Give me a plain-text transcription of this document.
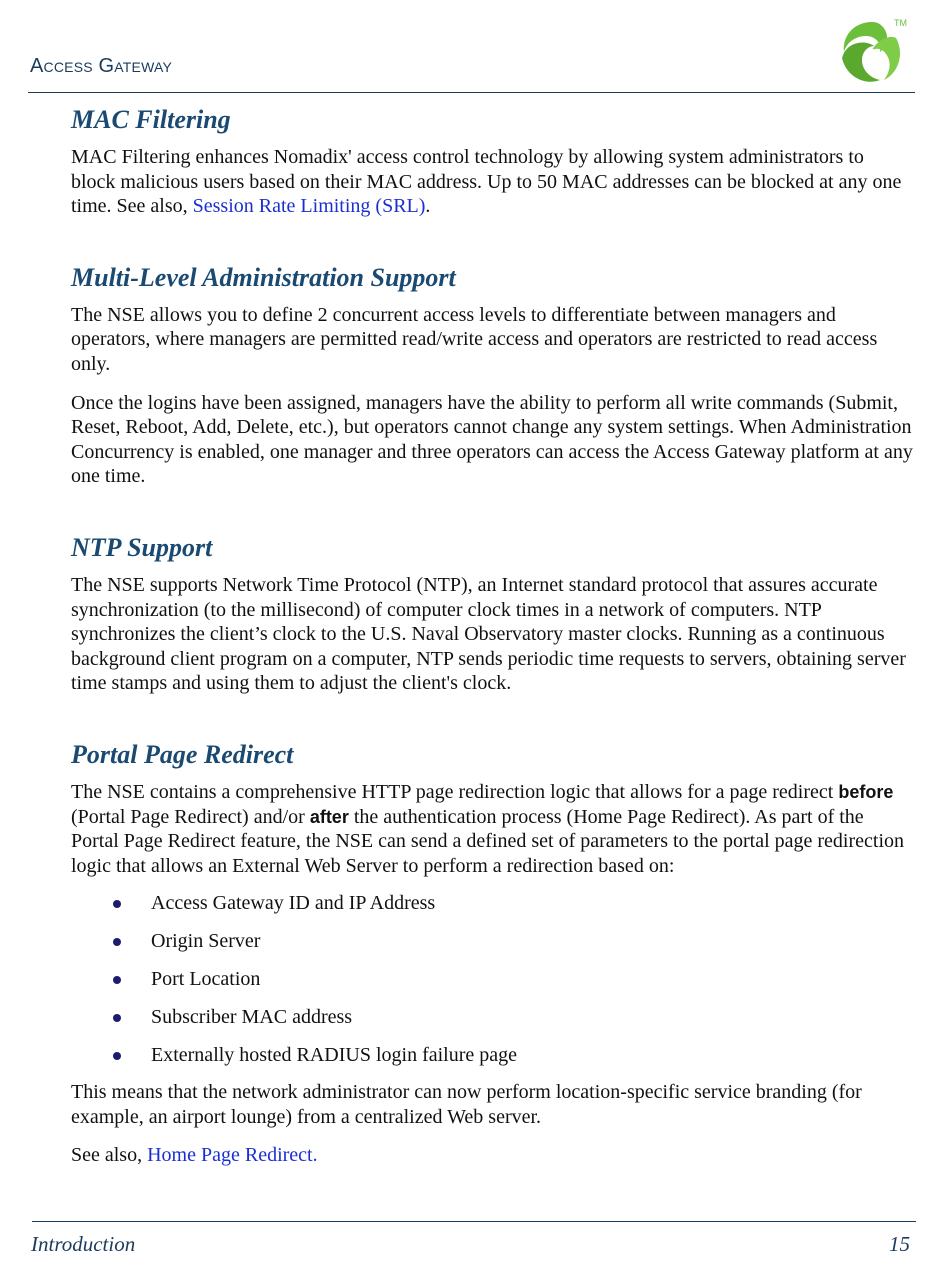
Access Gateway
TM
MAC Filtering

MAC Filtering enhances Nomadix' access control technology by allowing system administrators to block malicious users based on their MAC address. Up to 50 MAC addresses can be blocked at any one time. See also, Session Rate Limiting (SRL).

Multi-Level Administration Support

The NSE allows you to define 2 concurrent access levels to differentiate between managers and operators, where managers are permitted read/write access and operators are restricted to read access only.

Once the logins have been assigned, managers have the ability to perform all write commands (Submit, Reset, Reboot, Add, Delete, etc.), but operators cannot change any system settings. When Administration Concurrency is enabled, one manager and three operators can access the Access Gateway platform at any one time.

NTP Support

The NSE supports Network Time Protocol (NTP), an Internet standard protocol that assures accurate synchronization (to the millisecond) of computer clock times in a network of computers. NTP synchronizes the client’s clock to the U.S. Naval Observatory master clocks. Running as a continuous background client program on a computer, NTP sends periodic time requests to servers, obtaining server time stamps and using them to adjust the client's clock.

Portal Page Redirect

The NSE contains a comprehensive HTTP page redirection logic that allows for a page redirect before (Portal Page Redirect) and/or after the authentication process (Home Page Redirect). As part of the Portal Page Redirect feature, the NSE can send a defined set of parameters to the portal page redirection logic that allows an External Web Server to perform a redirection based on:

Access Gateway ID and IP Address
Origin Server
Port Location
Subscriber MAC address
Externally hosted RADIUS login failure page

This means that the network administrator can now perform location-specific service branding (for example, an airport lounge) from a centralized Web server.

See also, Home Page Redirect.

Introduction	15
